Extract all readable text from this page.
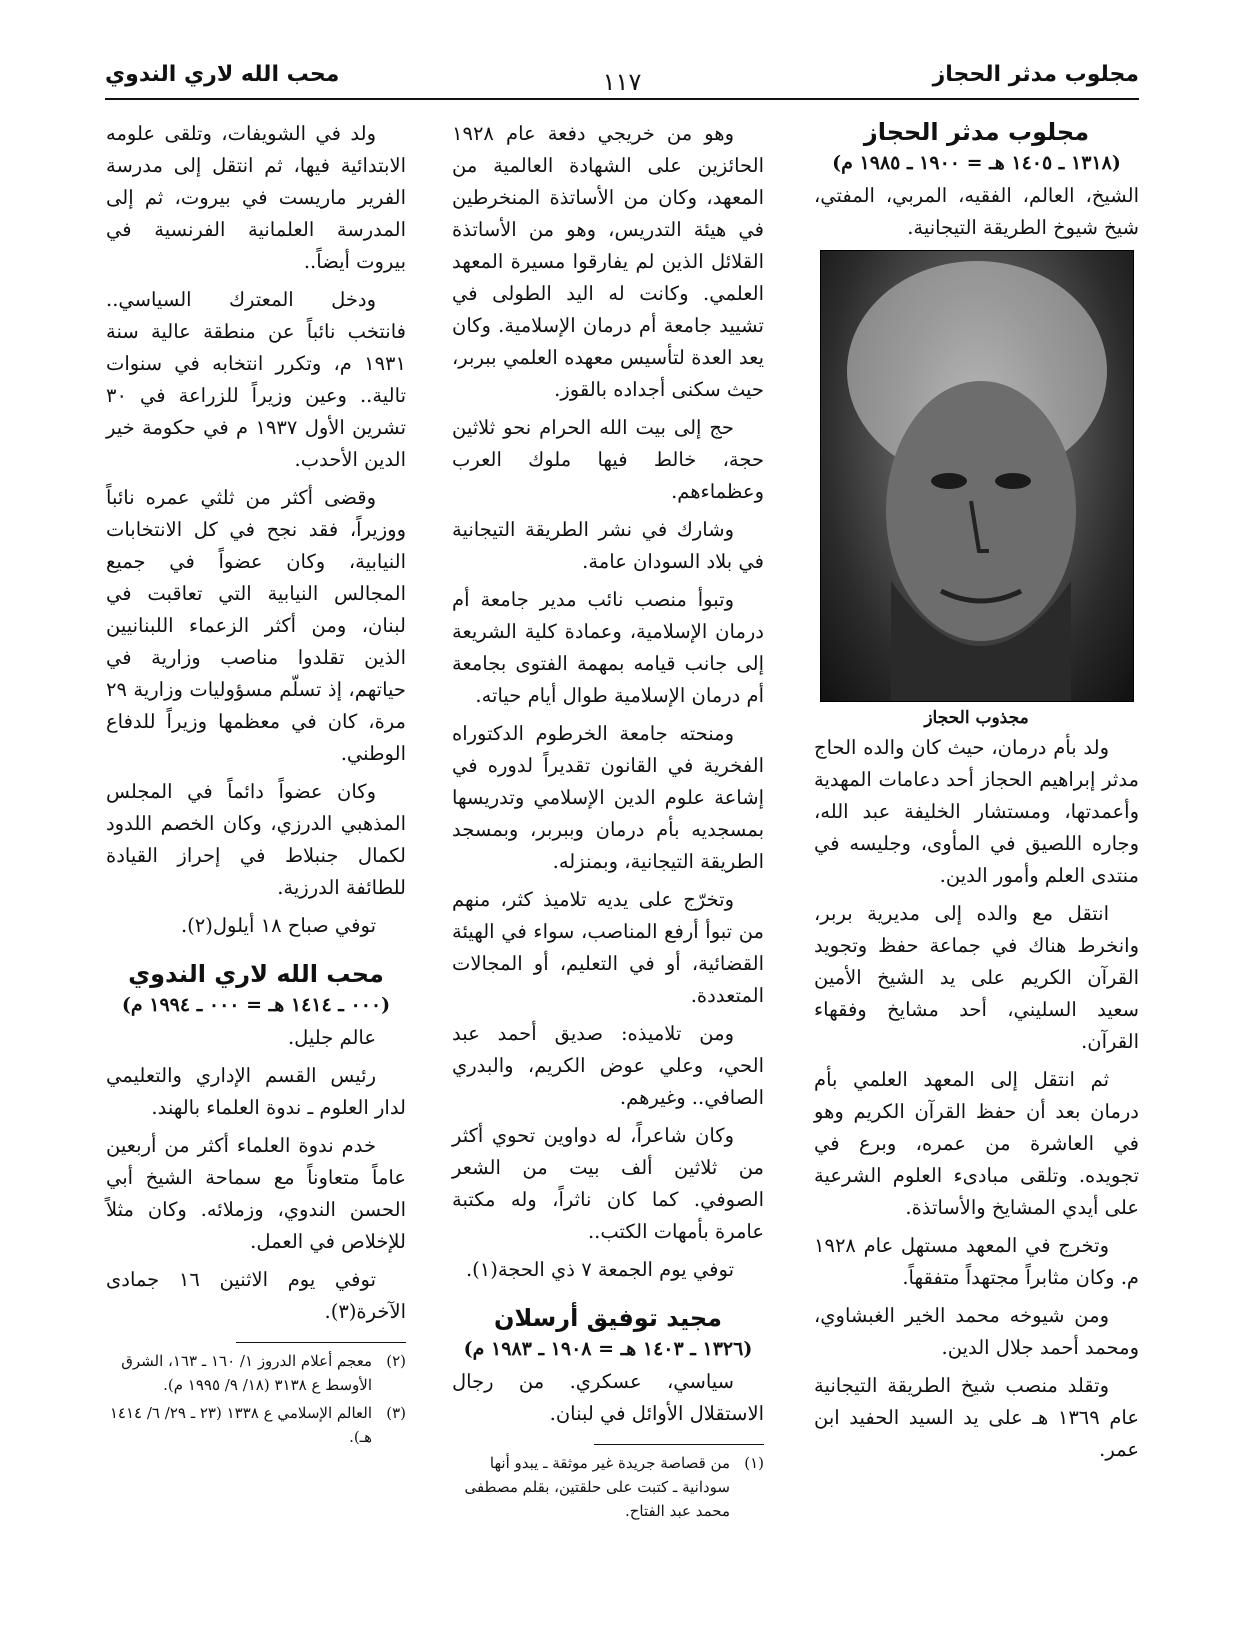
مجلوب مدثر الحجاز
١١٧
محب الله لاري الندوي
مجلوب مدثر الحجاز
(١٣١٨ ـ ١٤٠٥ هـ = ١٩٠٠ ـ ١٩٨٥ م)

الشيخ، العالم، الفقيه، المربي، المفتي، شيخ شيوخ الطريقة التيجانية.

مجذوب الحجاز

ولد بأم درمان، حيث كان والده الحاج مدثر إبراهيم الحجاز أحد دعامات المهدية وأعمدتها، ومستشار الخليفة عبد الله، وجاره اللصيق في المأوى، وجليسه في منتدى العلم وأمور الدين.

انتقل مع والده إلى مديرية بربر، وانخرط هناك في جماعة حفظ وتجويد القرآن الكريم على يد الشيخ الأمين سعيد السليني، أحد مشايخ وفقهاء القرآن.

ثم انتقل إلى المعهد العلمي بأم درمان بعد أن حفظ القرآن الكريم وهو في العاشرة من عمره، وبرع في تجويده. وتلقى مبادىء العلوم الشرعية على أيدي المشايخ والأساتذة.

وتخرج في المعهد مستهل عام ١٩٢٨ م. وكان مثابراً مجتهداً متفقهاً.

ومن شيوخه محمد الخير الغبشاوي، ومحمد أحمد جلال الدين.

وتقلد منصب شيخ الطريقة التيجانية عام ١٣٦٩ هـ على يد السيد الحفيد ابن عمر.

وهو من خريجي دفعة عام ١٩٢٨ الحائزين على الشهادة العالمية من المعهد، وكان من الأساتذة المنخرطين في هيئة التدريس، وهو من الأساتذة القلائل الذين لم يفارقوا مسيرة المعهد العلمي. وكانت له اليد الطولى في تشييد جامعة أم درمان الإسلامية. وكان يعد العدة لتأسيس معهده العلمي ببربر، حيث سكنى أجداده بالقوز.

حج إلى بيت الله الحرام نحو ثلاثين حجة، خالط فيها ملوك العرب وعظماءهم.

وشارك في نشر الطريقة التيجانية في بلاد السودان عامة.

وتبوأ منصب نائب مدير جامعة أم درمان الإسلامية، وعمادة كلية الشريعة إلى جانب قيامه بمهمة الفتوى بجامعة أم درمان الإسلامية طوال أيام حياته.

ومنحته جامعة الخرطوم الدكتوراه الفخرية في القانون تقديراً لدوره في إشاعة علوم الدين الإسلامي وتدريسها بمسجديه بأم درمان وببربر، وبمسجد الطريقة التيجانية، وبمنزله.

وتخرّج على يديه تلاميذ كثر، منهم من تبوأ أرفع المناصب، سواء في الهيئة القضائية، أو في التعليم، أو المجالات المتعددة.

ومن تلاميذه: صديق أحمد عبد الحي، وعلي عوض الكريم، والبدري الصافي.. وغيرهم.

وكان شاعراً، له دواوين تحوي أكثر من ثلاثين ألف بيت من الشعر الصوفي. كما كان ناثراً، وله مكتبة عامرة بأمهات الكتب..

توفي يوم الجمعة ٧ ذي الحجة(١).

مجيد توفيق أرسلان
(١٣٢٦ ـ ١٤٠٣ هـ = ١٩٠٨ ـ ١٩٨٣ م)

سياسي، عسكري. من رجال الاستقلال الأوائل في لبنان.

(١)
من قصاصة جريدة غير موثقة ـ يبدو أنها سودانية ـ كتبت على حلقتين، بقلم مصطفى محمد عبد الفتاح.

ولد في الشويفات، وتلقى علومه الابتدائية فيها، ثم انتقل إلى مدرسة الفرير ماريست في بيروت، ثم إلى المدرسة العلمانية الفرنسية في بيروت أيضاً..

ودخل المعترك السياسي.. فانتخب نائباً عن منطقة عالية سنة ١٩٣١ م، وتكرر انتخابه في سنوات تالية.. وعين وزيراً للزراعة في ٣٠ تشرين الأول ١٩٣٧ م في حكومة خير الدين الأحدب.

وقضى أكثر من ثلثي عمره نائباً ووزيراً، فقد نجح في كل الانتخابات النيابية، وكان عضواً في جميع المجالس النيابية التي تعاقبت في لبنان، ومن أكثر الزعماء اللبنانيين الذين تقلدوا مناصب وزارية في حياتهم، إذ تسلّم مسؤوليات وزارية ٢٩ مرة، كان في معظمها وزيراً للدفاع الوطني.

وكان عضواً دائماً في المجلس المذهبي الدرزي، وكان الخصم اللدود لكمال جنبلاط في إحراز القيادة للطائفة الدرزية.

توفي صباح ١٨ أيلول(٢).

محب الله لاري الندوي
(٠٠٠ ـ ١٤١٤ هـ = ٠٠٠ ـ ١٩٩٤ م)

عالم جليل.

رئيس القسم الإداري والتعليمي لدار العلوم ـ ندوة العلماء بالهند.

خدم ندوة العلماء أكثر من أربعين عاماً متعاوناً مع سماحة الشيخ أبي الحسن الندوي، وزملائه. وكان مثلاً للإخلاص في العمل.

توفي يوم الاثنين ١٦ جمادى الآخرة(٣).

(٢)
معجم أعلام الدروز ١/ ١٦٠ ـ ١٦٣، الشرق الأوسط ع ٣١٣٨ (١٨/ ٩/ ١٩٩٥ م).
(٣)
العالم الإسلامي ع ١٣٣٨ (٢٣ ـ ٢٩/ ٦/ ١٤١٤ هـ).
